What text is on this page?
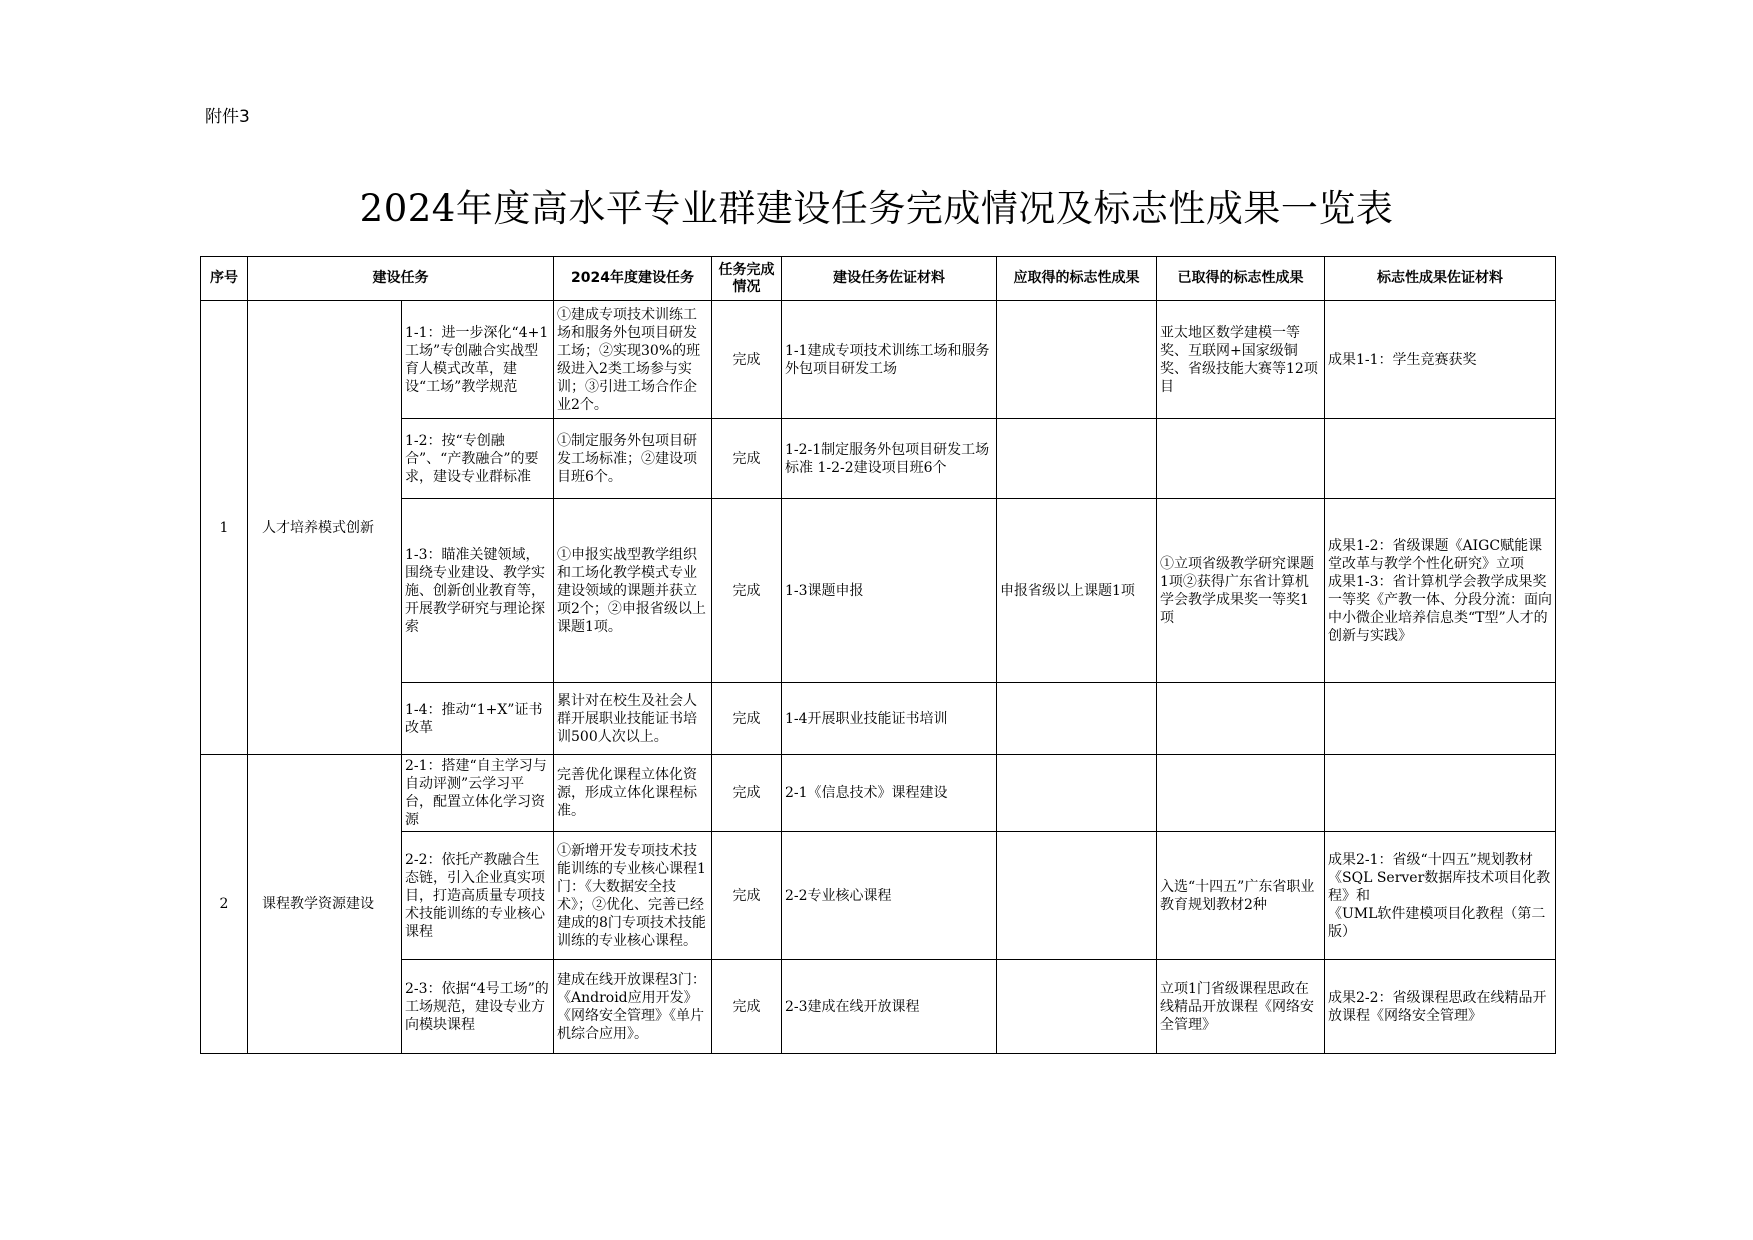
附件3
2024年度高水平专业群建设任务完成情况及标志性成果一览表
序号	建设任务		2024年度建设任务	任务完成情况	建设任务佐证材料	应取得的标志性成果	已取得的标志性成果	标志性成果佐证材料
1	人才培养模式创新	1-1：进一步深化“4+1工场”专创融合实战型育人模式改革，建设“工场”教学规范	①建成专项技术训练工场和服务外包项目研发工场；②实现30%的班级进入2类工场参与实训；③引进工场合作企业2个。	完成	1-1建成专项技术训练工场和服务外包项目研发工场		亚太地区数学建模一等奖、互联网+国家级铜奖、省级技能大赛等12项目	成果1-1：学生竞赛获奖
		1-2：按“专创融合”、“产教融合”的要求，建设专业群标准	①制定服务外包项目研发工场标准；②建设项目班6个。	完成	1-2-1制定服务外包项目研发工场标准 1-2-2建设项目班6个			
		1-3：瞄准关键领域，围绕专业建设、教学实施、创新创业教育等，开展教学研究与理论探索	①申报实战型教学组织和工场化教学模式专业建设领域的课题并获立项2个；②申报省级以上课题1项。	完成	1-3课题申报	申报省级以上课题1项	①立项省级教学研究课题1项②获得广东省计算机学会教学成果奖一等奖1项	成果1-2：省级课题《AIGC赋能课堂改革与教学个性化研究》立项
成果1-3：省计算机学会教学成果奖一等奖《产教一体、分段分流：面向中小微企业培养信息类“T型”人才的创新与实践》
		1-4：推动“1+X”证书改革	累计对在校生及社会人群开展职业技能证书培训500人次以上。	完成	1-4开展职业技能证书培训			
2	课程教学资源建设	2-1：搭建“自主学习与自动评测”云学习平台，配置立体化学习资源	完善优化课程立体化资源，形成立体化课程标准。	完成	2-1《信息技术》课程建设			
		2-2：依托产教融合生态链，引入企业真实项目，打造高质量专项技术技能训练的专业核心课程	①新增开发专项技术技能训练的专业核心课程1门：《大数据安全技术》；②优化、完善已经建成的8门专项技术技能训练的专业核心课程。	完成	2-2专业核心课程		入选“十四五”广东省职业教育规划教材2种	成果2-1：省级“十四五”规划教材《SQL Server数据库技术项目化教程》和
《UML软件建模项目化教程（第二版）
		2-3：依据“4号工场”的工场规范，建设专业方向模块课程	建成在线开放课程3门：《Android应用开发》《网络安全管理》《单片机综合应用》。	完成	2-3建成在线开放课程		立项1门省级课程思政在线精品开放课程《网络安全管理》	成果2-2：省级课程思政在线精品开放课程《网络安全管理》
